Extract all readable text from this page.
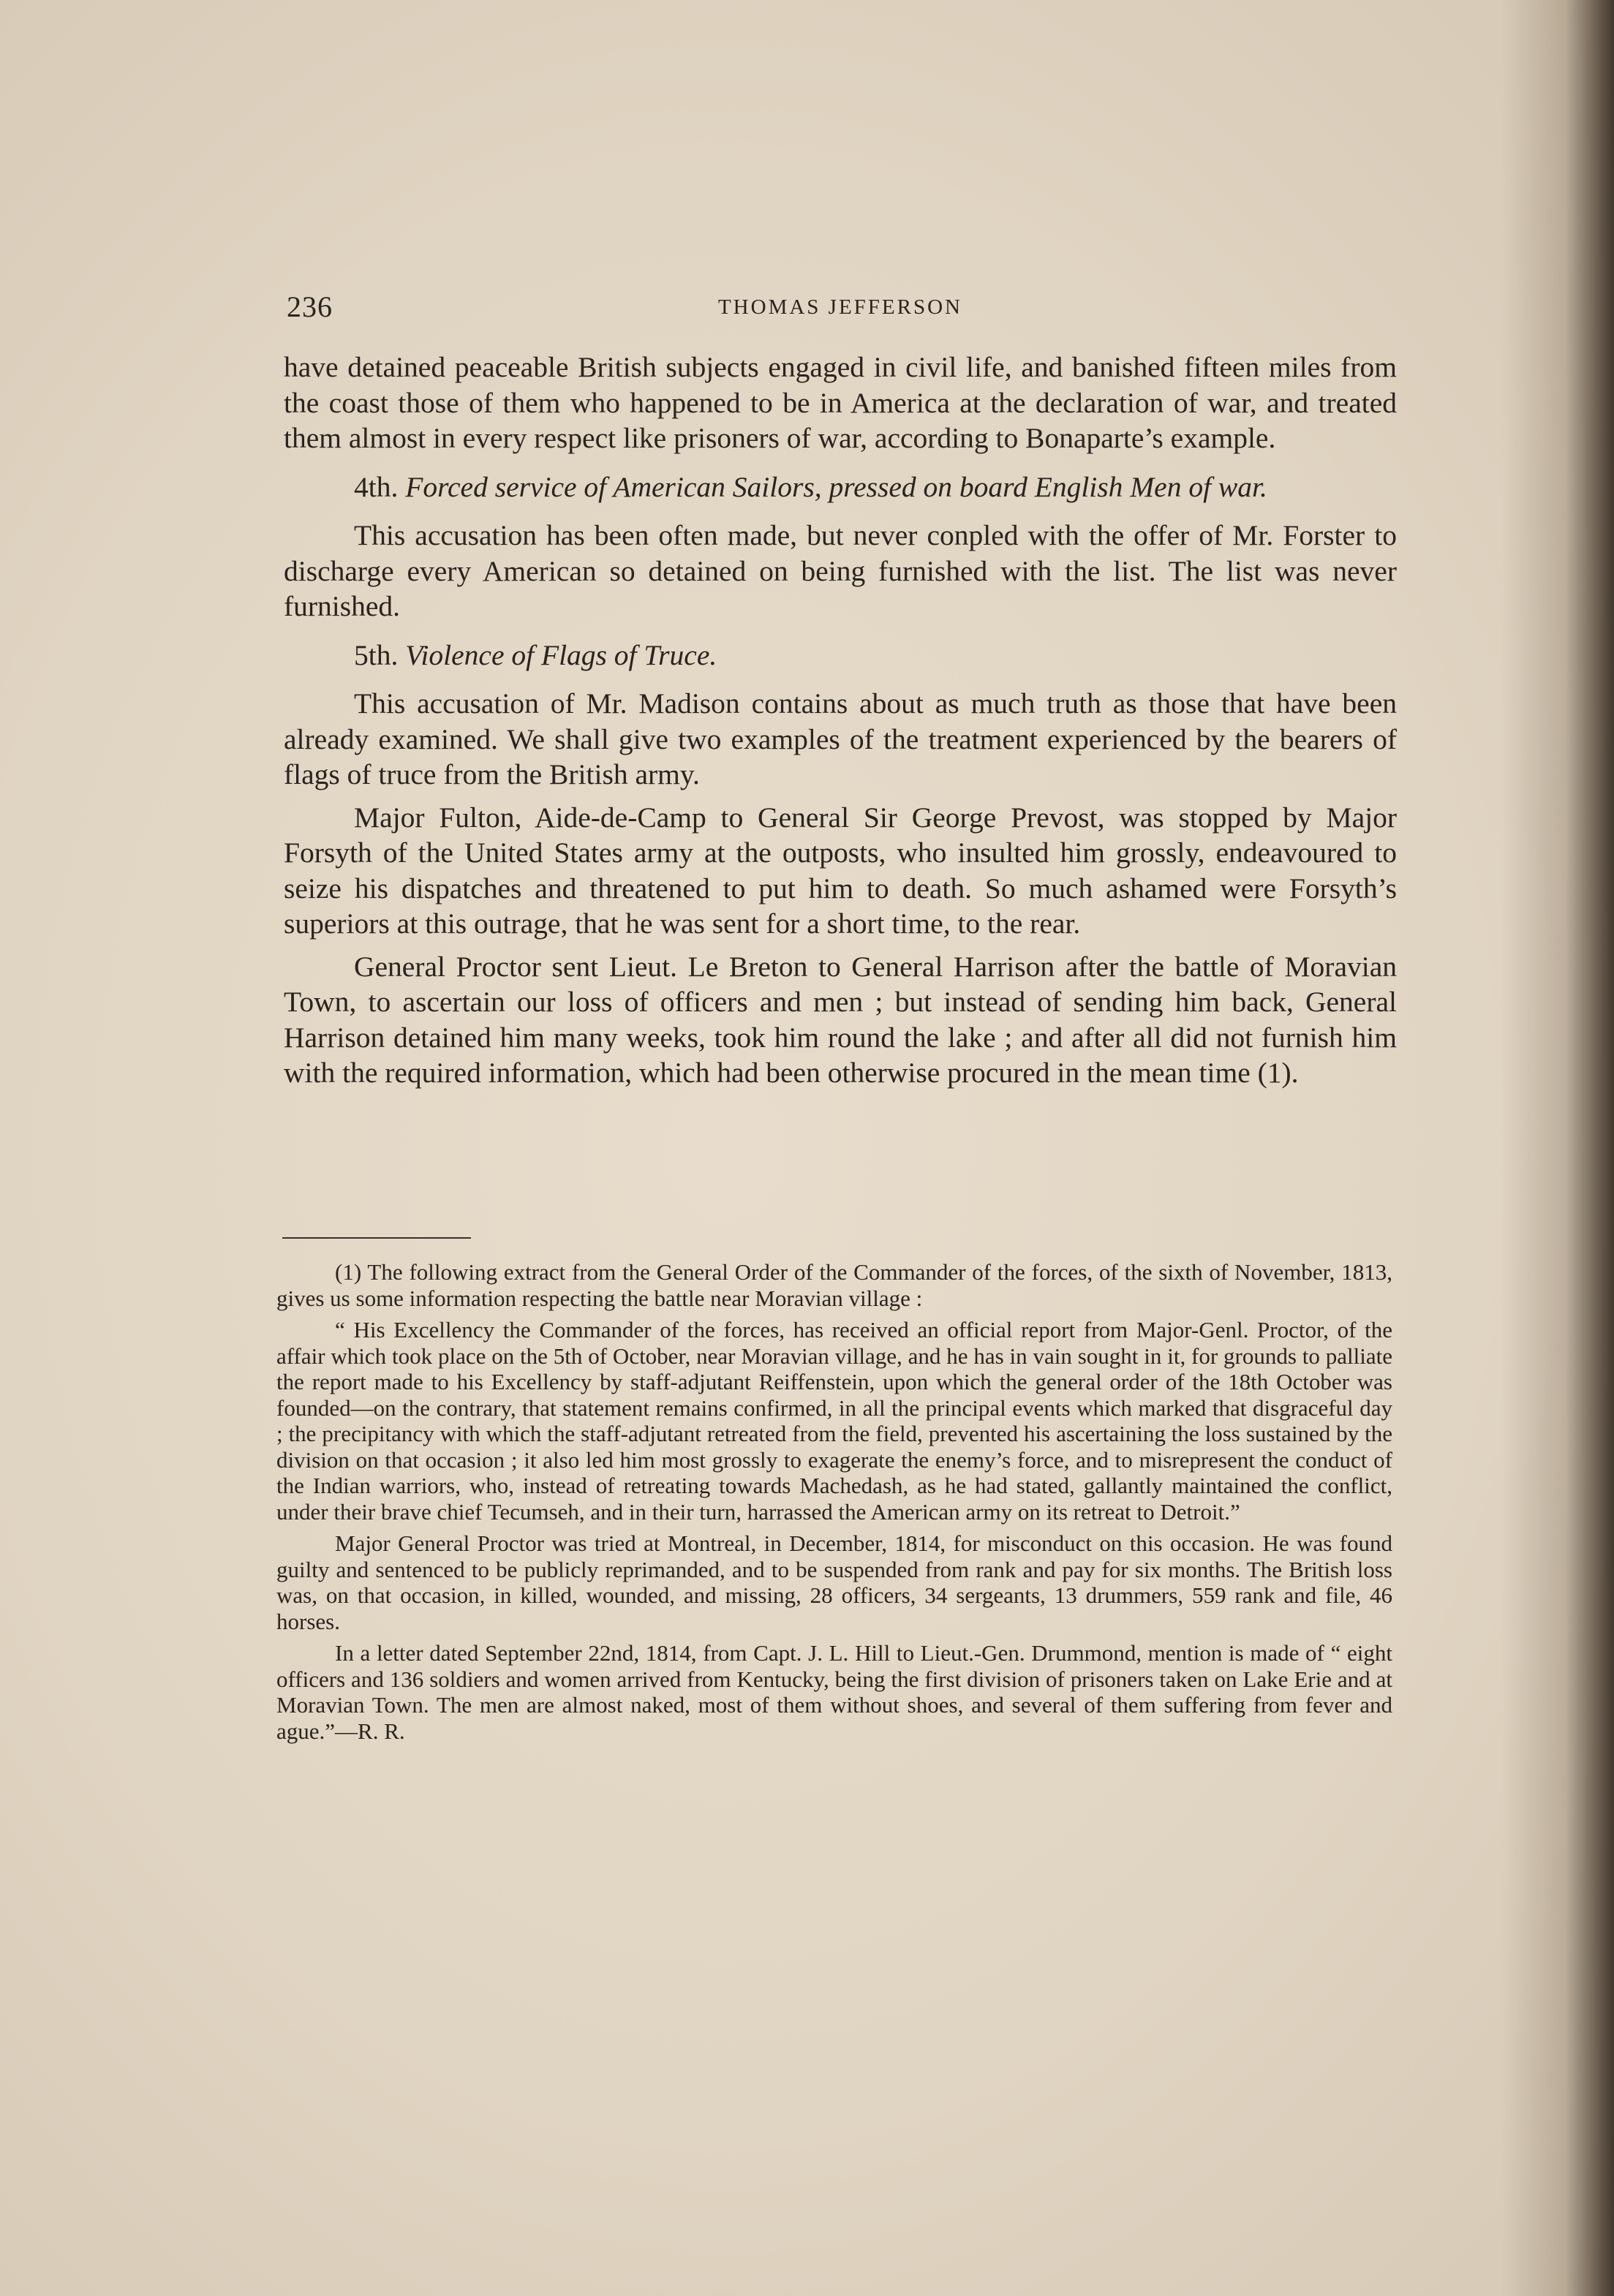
236	THOMAS JEFFERSON

have detained peaceable British subjects engaged in civil life, and banished fifteen miles from the coast those of them who happened to be in America at the declaration of war, and treated them almost in every respect like prisoners of war, according to Bonaparte’s example.

4th. Forced service of American Sailors, pressed on board English Men of war.

This accusation has been often made, but never conpled with the offer of Mr. Forster to discharge every American so detained on being furnished with the list. The list was never furnished.

5th. Violence of Flags of Truce.

This accusation of Mr. Madison contains about as much truth as those that have been already examined. We shall give two examples of the treatment experienced by the bearers of flags of truce from the British army.

Major Fulton, Aide-de-Camp to General Sir George Prevost, was stopped by Major Forsyth of the United States army at the outposts, who insulted him grossly, endeavoured to seize his dispatches and threatened to put him to death. So much ashamed were Forsyth’s superiors at this outrage, that he was sent for a short time, to the rear.

General Proctor sent Lieut. Le Breton to General Harrison after the battle of Moravian Town, to ascertain our loss of officers and men ; but instead of sending him back, General Harrison detained him many weeks, took him round the lake ; and after all did not furnish him with the required information, which had been otherwise procured in the mean time (1).

(1) The following extract from the General Order of the Commander of the forces, of the sixth of November, 1813, gives us some information respecting the battle near Moravian village :

“ His Excellency the Commander of the forces, has received an official report from Major-Genl. Proctor, of the affair which took place on the 5th of October, near Moravian village, and he has in vain sought in it, for grounds to palliate the report made to his Excellency by staff-adjutant Reiffenstein, upon which the general order of the 18th October was founded—on the contrary, that statement remains confirmed, in all the principal events which marked that disgraceful day ; the precipitancy with which the staff-adjutant retreated from the field, prevented his ascertaining the loss sustained by the division on that occasion ; it also led him most grossly to exagerate the enemy’s force, and to misrepresent the conduct of the Indian warriors, who, instead of retreating towards Machedash, as he had stated, gallantly maintained the conflict, under their brave chief Tecumseh, and in their turn, harrassed the American army on its retreat to Detroit.”

Major General Proctor was tried at Montreal, in December, 1814, for misconduct on this occasion. He was found guilty and sentenced to be publicly reprimanded, and to be suspended from rank and pay for six months. The British loss was, on that occasion, in killed, wounded, and missing, 28 officers, 34 sergeants, 13 drummers, 559 rank and file, 46 horses.

In a letter dated September 22nd, 1814, from Capt. J. L. Hill to Lieut.-Gen. Drummond, mention is made of “ eight officers and 136 soldiers and women arrived from Kentucky, being the first division of prisoners taken on Lake Erie and at Moravian Town. The men are almost naked, most of them without shoes, and several of them suffering from fever and ague.”—R. R.
